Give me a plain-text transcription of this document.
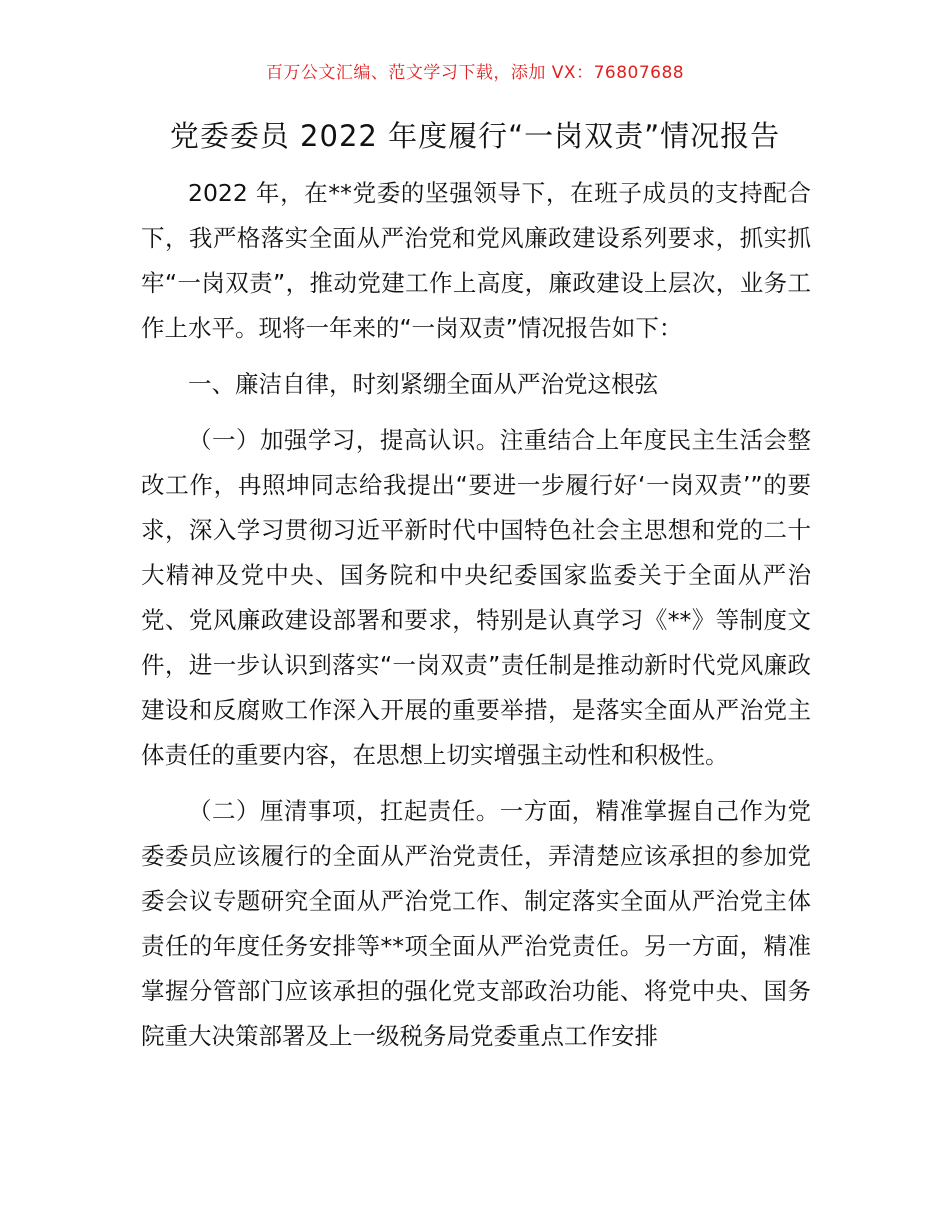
百万公文汇编、范文学习下载，添加 VX：76807688
党委委员 2022 年度履行“一岗双责”情况报告

2022 年，在**党委的坚强领导下，在班子成员的支持配合下，我严格落实全面从严治党和党风廉政建设系列要求，抓实抓牢“一岗双责”，推动党建工作上高度，廉政建设上层次，业务工作上水平。现将一年来的“一岗双责”情况报告如下：

一、廉洁自律，时刻紧绷全面从严治党这根弦

（一）加强学习，提高认识。注重结合上年度民主生活会整改工作，冉照坤同志给我提出“要进一步履行好‘一岗双责’”的要求，深入学习贯彻习近平新时代中国特色社会主思想和党的二十大精神及党中央、国务院和中央纪委国家监委关于全面从严治党、党风廉政建设部署和要求，特别是认真学习《**》等制度文件，进一步认识到落实“一岗双责”责任制是推动新时代党风廉政建设和反腐败工作深入开展的重要举措，是落实全面从严治党主体责任的重要内容，在思想上切实增强主动性和积极性。

（二）厘清事项，扛起责任。一方面，精准掌握自己作为党委委员应该履行的全面从严治党责任，弄清楚应该承担的参加党委会议专题研究全面从严治党工作、制定落实全面从严治党主体责任的年度任务安排等**项全面从严治党责任。另一方面，精准掌握分管部门应该承担的强化党支部政治功能、将党中央、国务院重大决策部署及上一级税务局党委重点工作安排
